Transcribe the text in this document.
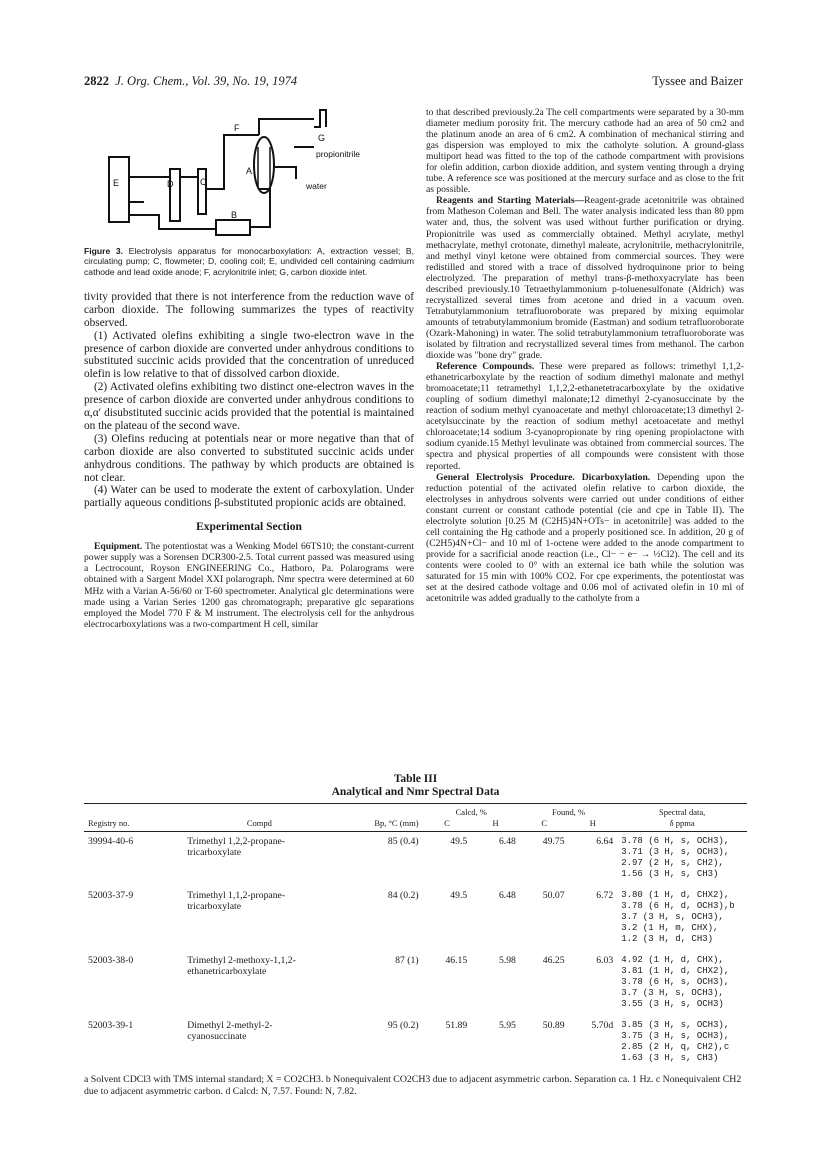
2822 J. Org. Chem., Vol. 39, No. 19, 1974	Tyssee and Baizer
F
G
A
propionitrile
water
E	D	C
B
Figure 3. Electrolysis apparatus for monocarboxylation: A, extraction vessel; B, circulating pump; C, flowmeter; D, cooling coil; E, undivided cell containing cadmium cathode and lead oxide anode; F, acrylonitrile inlet; G, carbon dioxide inlet.

tivity provided that there is not interference from the reduction wave of carbon dioxide. The following summarizes the types of reactivity observed.

(1) Activated olefins exhibiting a single two-electron wave in the presence of carbon dioxide are converted under anhydrous conditions to substituted succinic acids provided that the concentration of unreduced olefin is low relative to that of dissolved carbon dioxide.

(2) Activated olefins exhibiting two distinct one-electron waves in the presence of carbon dioxide are converted under anhydrous conditions to α,α′ disubstituted succinic acids provided that the potential is maintained on the plateau of the second wave.

(3) Olefins reducing at potentials near or more negative than that of carbon dioxide are also converted to substituted succinic acids under anhydrous conditions. The pathway by which products are obtained is not clear.

(4) Water can be used to moderate the extent of carboxylation. Under partially aqueous conditions β-substituted propionic acids are obtained.

Experimental Section

Equipment. The potentiostat was a Wenking Model 66TS10; the constant-current power supply was a Sorensen DCR300-2.5. Total current passed was measured using a Lectrocount, Royson ENGINEERING Co., Hatboro, Pa. Polarograms were obtained with a Sargent Model XXI polarograph. Nmr spectra were determined at 60 MHz with a Varian A-56/60 or T-60 spectrometer. Analytical glc determinations were made using a Varian Series 1200 gas chromatograph; preparative glc separations employed the Model 770 F & M instrument. The electrolysis cell for the anhydrous electrocarboxylations was a two-compartment H cell, similar

to that described previously.2a The cell compartments were separated by a 30-mm diameter medium porosity frit. The mercury cathode had an area of 50 cm2 and the platinum anode an area of 6 cm2. A combination of mechanical stirring and gas dispersion was employed to mix the catholyte solution. A ground-glass multiport head was fitted to the top of the cathode compartment with provisions for olefin addition, carbon dioxide addition, and system venting through a drying tube. A reference sce was positioned at the mercury surface and as close to the frit as possible.

Reagents and Starting Materials—Reagent-grade acetonitrile was obtained from Matheson Coleman and Bell. The water analysis indicated less than 80 ppm water and, thus, the solvent was used without further purification or drying. Propionitrile was used as commercially obtained. Methyl acrylate, methyl methacrylate, methyl crotonate, dimethyl maleate, acrylonitrile, methacrylonitrile, and methyl vinyl ketone were obtained from commercial sources. They were redistilled and stored with a trace of dissolved hydroquinone prior to being electrolyzed. The preparation of methyl trans-β-methoxyacrylate has been described previously.10 Tetraethylammonium p-toluenesulfonate (Aldrich) was recrystallized several times from acetone and dried in a vacuum oven. Tetrabutylammonium tetrafluoroborate was prepared by mixing equimolar amounts of tetrabutylammonium bromide (Eastman) and sodium tetrafluoroborate (Ozark-Mahoning) in water. The solid tetrabutylammonium tetrafluoroborate was isolated by filtration and recrystallized several times from methanol. The carbon dioxide was "bone dry" grade.

Reference Compounds. These were prepared as follows: trimethyl 1,1,2-ethanetricarboxylate by the reaction of sodium dimethyl malonate and methyl bromoacetate;11 tetramethyl 1,1,2,2-ethanetetracarboxylate by the oxidative coupling of sodium dimethyl malonate;12 dimethyl 2-cyanosuccinate by the reaction of sodium methyl cyanoacetate and methyl chloroacetate;13 dimethyl 2-acetylsuccinate by the reaction of sodium methyl acetoacetate and methyl chloroacetate;14 sodium 3-cyanopropionate by ring opening propiolactone with sodium cyanide.15 Methyl levulinate was obtained from commercial sources. The spectra and physical properties of all compounds were consistent with those reported.

General Electrolysis Procedure. Dicarboxylation. Depending upon the reduction potential of the activated olefin relative to carbon dioxide, the electrolyses in anhydrous solvents were carried out under conditions of either constant current or constant cathode potential (cie and cpe in Table II). The electrolyte solution [0.25 M (C2H5)4N+OTs− in acetonitrile] was added to the cell containing the Hg cathode and a properly positioned sce. In addition, 20 g of (C2H5)4N+Cl− and 10 ml of 1-octene were added to the anode compartment to provide for a sacrificial anode reaction (i.e., Cl− − e− → ½Cl2). The cell and its contents were cooled to 0° with an external ice bath while the solution was saturated for 15 min with 100% CO2. For cpe experiments, the potentiostat was set at the desired cathode voltage and 0.06 mol of activated olefin in 10 ml of acetonitrile was added gradually to the catholyte from a

Table III
Analytical and Nmr Spectral Data
			Calcd, %		Found, %		Spectral data,
Registry no.	Compd	Bp, °C (mm)	C	H	C	H	δ ppma
39994-40-6	Trimethyl 1,2,2-propane-
tricarboxylate	85 (0.4)	49.5	6.48	49.75	6.64	3.78 (6 H, s, OCH3),
3.71 (3 H, s, OCH3),
2.97 (2 H, s, CH2),
1.56 (3 H, s, CH3)
52003-37-9	Trimethyl 1,1,2-propane-
tricarboxylate	84 (0.2)	49.5	6.48	50.07	6.72	3.80 (1 H, d, CHX2),
3.78 (6 H, d, OCH3),b
3.7 (3 H, s, OCH3),
3.2 (1 H, m, CHX),
1.2 (3 H, d, CH3)
52003-38-0	Trimethyl 2-methoxy-1,1,2-
ethanetricarboxylate	87 (1)	46.15	5.98	46.25	6.03	4.92 (1 H, d, CHX),
3.81 (1 H, d, CHX2),
3.78 (6 H, s, OCH3),
3.7 (3 H, s, OCH3),
3.55 (3 H, s, OCH3)
52003-39-1	Dimethyl 2-methyl-2-
cyanosuccinate	95 (0.2)	51.89	5.95	50.89	5.70d	3.85 (3 H, s, OCH3),
3.75 (3 H, s, OCH3),
2.85 (2 H, q, CH2),c
1.63 (3 H, s, CH3)
a Solvent CDCl3 with TMS internal standard; X = CO2CH3. b Nonequivalent CO2CH3 due to adjacent asymmetric carbon. Separation ca. 1 Hz. c Nonequivalent CH2 due to adjacent asymmetric carbon. d Calcd: N, 7.57. Found: N, 7.82.
